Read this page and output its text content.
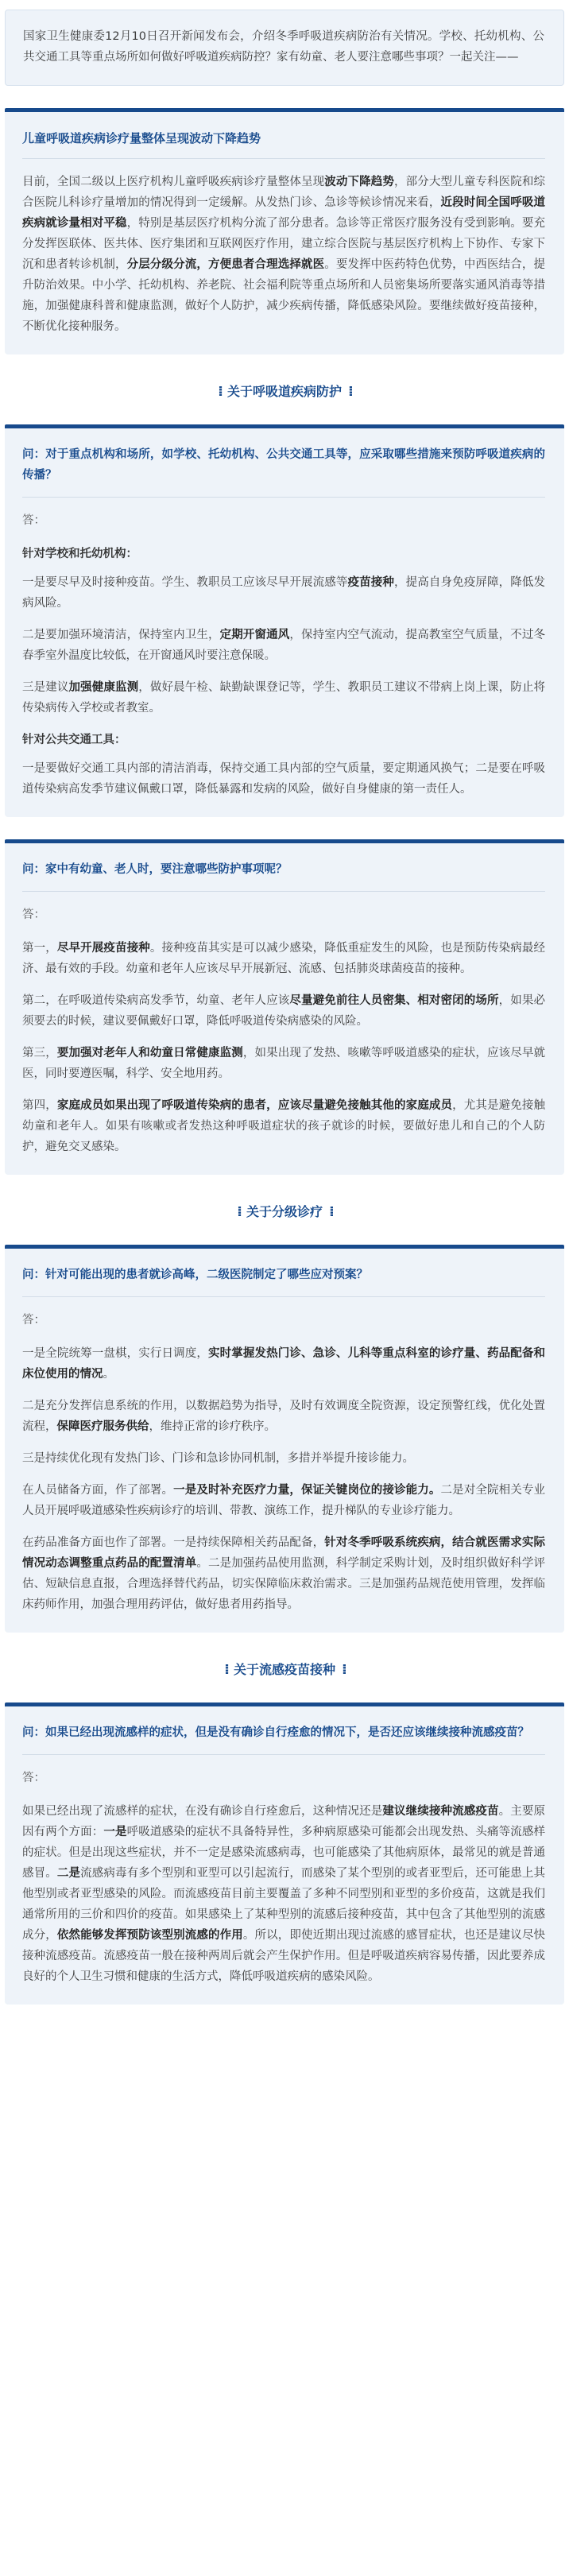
国家卫生健康委12月10日召开新闻发布会，介绍冬季呼吸道疾病防治有关情况。学校、托幼机构、公共交通工具等重点场所如何做好呼吸道疾病防控？家有幼童、老人要注意哪些事项？一起关注——

儿童呼吸道疾病诊疗量整体呈现波动下降趋势

目前，全国二级以上医疗机构儿童呼吸疾病诊疗量整体呈现波动下降趋势，部分大型儿童专科医院和综合医院儿科诊疗量增加的情况得到一定缓解。从发热门诊、急诊等候诊情况来看，近段时间全国呼吸道疾病就诊量相对平稳，特别是基层医疗机构分流了部分患者。急诊等正常医疗服务没有受到影响。要充分发挥医联体、医共体、医疗集团和互联网医疗作用，建立综合医院与基层医疗机构上下协作、专家下沉和患者转诊机制，分层分级分流，方便患者合理选择就医。要发挥中医药特色优势，中西医结合，提升防治效果。中小学、托幼机构、养老院、社会福利院等重点场所和人员密集场所要落实通风消毒等措施，加强健康科普和健康监测，做好个人防护，减少疾病传播，降低感染风险。要继续做好疫苗接种，不断优化接种服务。

⁞ 关于呼吸道疾病防护 ⁞

问：对于重点机构和场所，如学校、托幼机构、公共交通工具等，应采取哪些措施来预防呼吸道疾病的传播？

答：

针对学校和托幼机构：

一是要尽早及时接种疫苗。学生、教职员工应该尽早开展流感等疫苗接种，提高自身免疫屏障，降低发病风险。

二是要加强环境清洁，保持室内卫生，定期开窗通风，保持室内空气流动，提高教室空气质量，不过冬春季室外温度比较低，在开窗通风时要注意保暖。

三是建议加强健康监测，做好晨午检、缺勤缺课登记等，学生、教职员工建议不带病上岗上课，防止将传染病传入学校或者教室。

针对公共交通工具：

一是要做好交通工具内部的清洁消毒，保持交通工具内部的空气质量，要定期通风换气；二是要在呼吸道传染病高发季节建议佩戴口罩，降低暴露和发病的风险，做好自身健康的第一责任人。

问：家中有幼童、老人时，要注意哪些防护事项呢？

答：

第一，尽早开展疫苗接种。接种疫苗其实是可以减少感染，降低重症发生的风险，也是预防传染病最经济、最有效的手段。幼童和老年人应该尽早开展新冠、流感、包括肺炎球菌疫苗的接种。

第二，在呼吸道传染病高发季节，幼童、老年人应该尽量避免前往人员密集、相对密闭的场所，如果必须要去的时候，建议要佩戴好口罩，降低呼吸道传染病感染的风险。

第三，要加强对老年人和幼童日常健康监测，如果出现了发热、咳嗽等呼吸道感染的症状，应该尽早就医，同时要遵医嘱，科学、安全地用药。

第四，家庭成员如果出现了呼吸道传染病的患者，应该尽量避免接触其他的家庭成员，尤其是避免接触幼童和老年人。如果有咳嗽或者发热这种呼吸道症状的孩子就诊的时候，要做好患儿和自己的个人防护，避免交叉感染。

⁞ 关于分级诊疗 ⁞

问：针对可能出现的患者就诊高峰，二级医院制定了哪些应对预案？

答：

一是全院统筹一盘棋，实行日调度，实时掌握发热门诊、急诊、儿科等重点科室的诊疗量、药品配备和床位使用的情况。

二是充分发挥信息系统的作用，以数据趋势为指导，及时有效调度全院资源，设定预警红线，优化处置流程，保障医疗服务供给，维持正常的诊疗秩序。

三是持续优化现有发热门诊、门诊和急诊协同机制，多措并举提升接诊能力。

在人员储备方面，作了部署。一是及时补充医疗力量，保证关键岗位的接诊能力。二是对全院相关专业人员开展呼吸道感染性疾病诊疗的培训、带教、演练工作，提升梯队的专业诊疗能力。

在药品准备方面也作了部署。一是持续保障相关药品配备，针对冬季呼吸系统疾病，结合就医需求实际情况动态调整重点药品的配置清单。二是加强药品使用监测，科学制定采购计划，及时组织做好科学评估、短缺信息直报，合理选择替代药品，切实保障临床救治需求。三是加强药品规范使用管理，发挥临床药师作用，加强合理用药评估，做好患者用药指导。

⁞ 关于流感疫苗接种 ⁞

问：如果已经出现流感样的症状，但是没有确诊自行痊愈的情况下，是否还应该继续接种流感疫苗？

答：

如果已经出现了流感样的症状，在没有确诊自行痊愈后，这种情况还是建议继续接种流感疫苗。主要原因有两个方面：一是呼吸道感染的症状不具备特异性，多种病原感染可能都会出现发热、头痛等流感样的症状。但是出现这些症状，并不一定是感染流感病毒，也可能感染了其他病原体，最常见的就是普通感冒。二是流感病毒有多个型别和亚型可以引起流行，而感染了某个型别的或者亚型后，还可能患上其他型别或者亚型感染的风险。而流感疫苗目前主要覆盖了多种不同型别和亚型的多价疫苗，这就是我们通常所用的三价和四价的疫苗。如果感染上了某种型别的流感后接种疫苗，其中包含了其他型别的流感成分，依然能够发挥预防该型别流感的作用。所以，即使近期出现过流感的感冒症状，也还是建议尽快接种流感疫苗。流感疫苗一般在接种两周后就会产生保护作用。但是呼吸道疾病容易传播，因此要养成良好的个人卫生习惯和健康的生活方式，降低呼吸道疾病的感染风险。
